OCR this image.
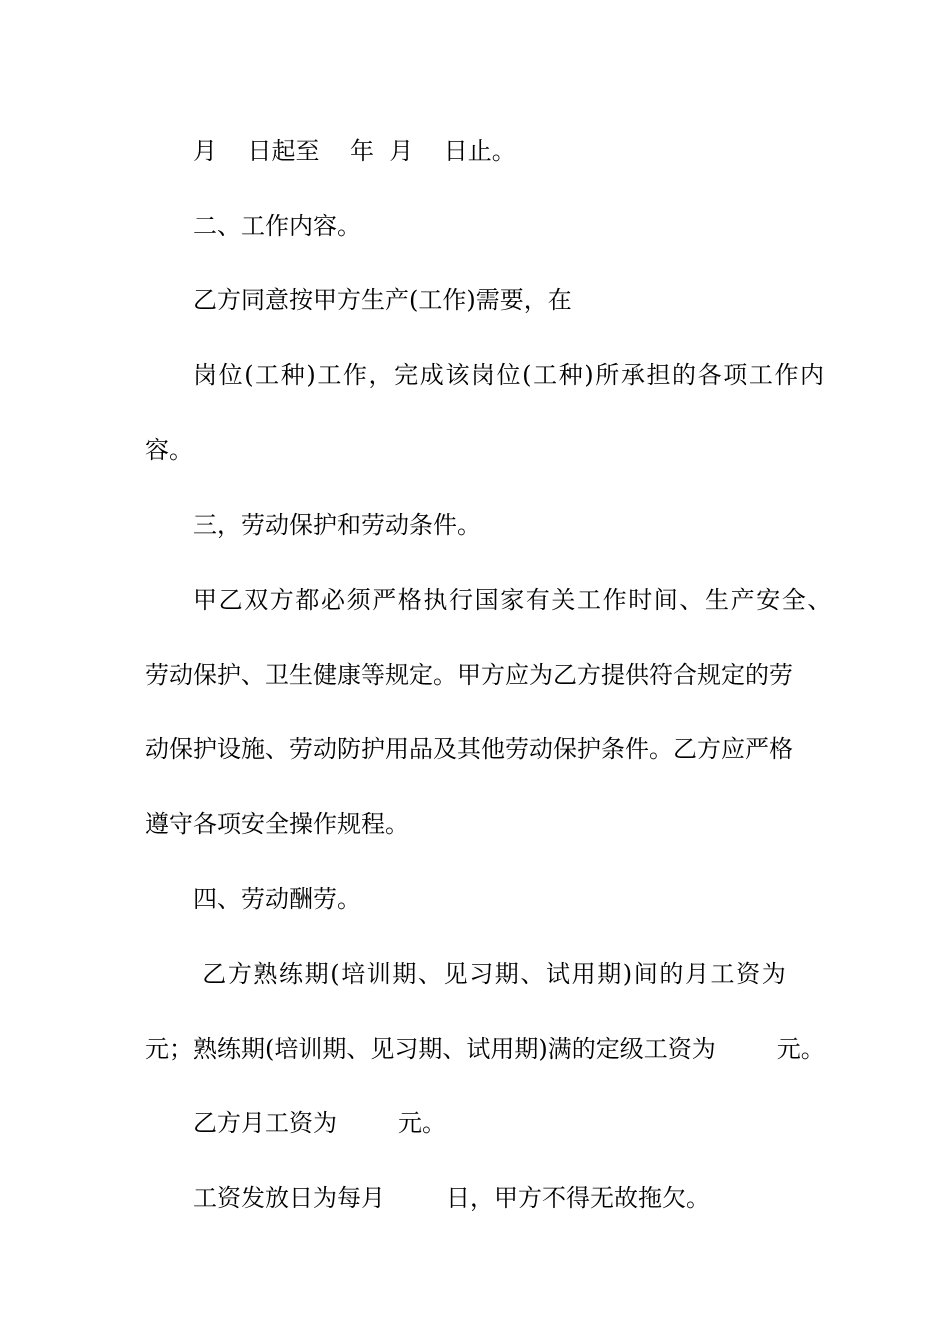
月    日起至    年  月    日止。
二、工作内容。
乙方同意按甲方生产(工作)需要，在
岗位(工种)工作，完成该岗位(工种)所承担的各项工作内
容。
三，劳动保护和劳动条件。
甲乙双方都必须严格执行国家有关工作时间、生产安全、
劳动保护、卫生健康等规定。甲方应为乙方提供符合规定的劳
动保护设施、劳动防护用品及其他劳动保护条件。乙方应严格
遵守各项安全操作规程。
四、劳动酬劳。
乙方熟练期(培训期、见习期、试用期)间的月工资为
元；熟练期(培训期、见习期、试用期)满的定级工资为        元。
乙方月工资为        元。
工资发放日为每月        日，甲方不得无故拖欠。
